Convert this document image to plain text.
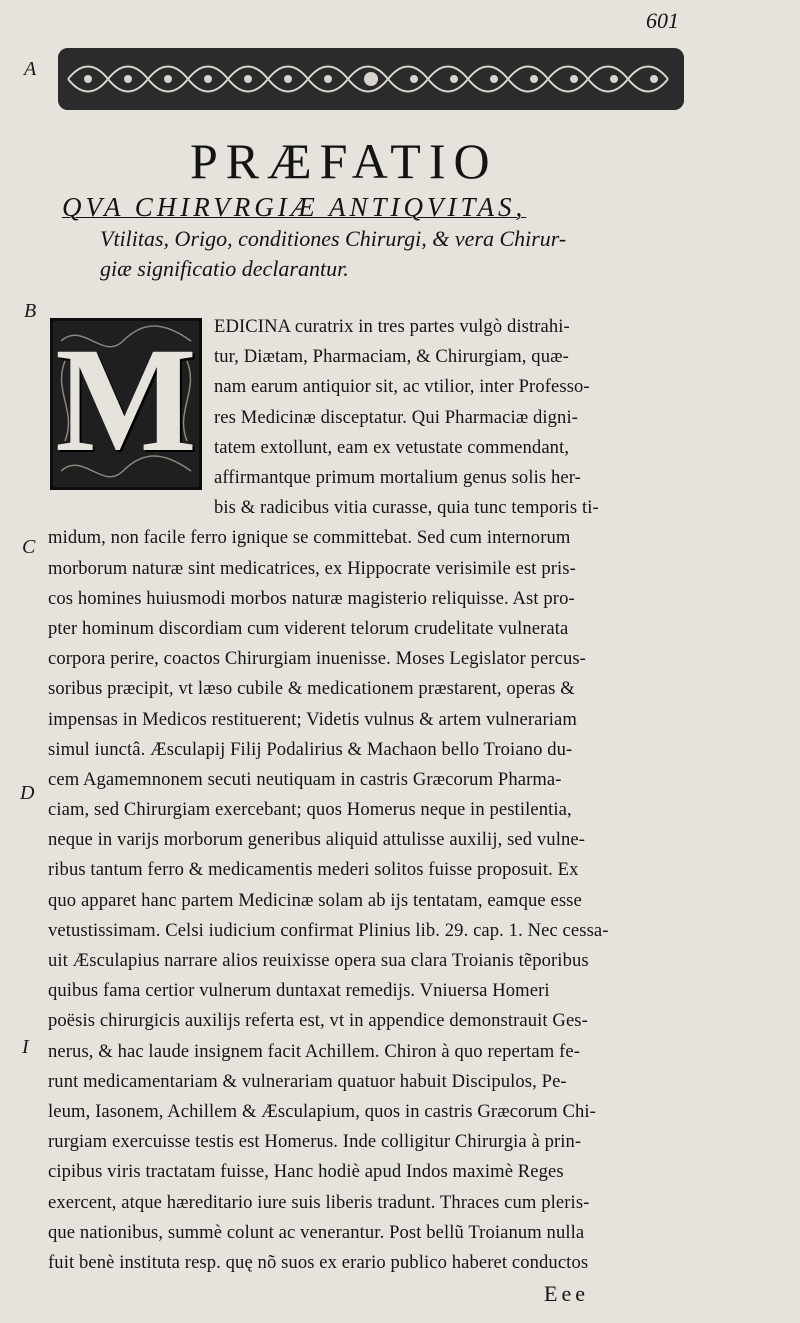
601

A
B
C
D
I
PRÆFATIO
QVA CHIRVRGIÆ ANTIQVITAS,
Vtilitas, Origo, conditiones Chirurgi, & vera Chirur-
giæ significatio declarantur.
M EDICINA curatrix in tres partes vulgò distrahi-
tur, Diætam, Pharmaciam, & Chirurgiam, quæ-
nam earum antiquior sit, ac vtilior, inter Professo-
res Medicinæ disceptatur. Qui Pharmaciæ digni-
tatem extollunt, eam ex vetustate commendant,
affirmantque primum mortalium genus solis her-
bis & radicibus vitia curasse, quia tunc temporis ti-
midum, non facile ferro ignique se committebat. Sed cum internorum
morborum naturæ sint medicatrices, ex Hippocrate verisimile est pris-
cos homines huiusmodi morbos naturæ magisterio reliquisse. Ast pro-
pter hominum discordiam cum viderent telorum crudelitate vulnerata
corpora perire, coactos Chirurgiam inuenisse. Moses Legislator percus-
soribus præcipit, vt læso cubile & medicationem præstarent, operas &
impensas in Medicos restituerent; Videtis vulnus & artem vulnerariam
simul iunctâ. Æsculapij Filij Podalirius & Machaon bello Troiano du-
cem Agamemnonem secuti neutiquam in castris Græcorum Pharma-
ciam, sed Chirurgiam exercebant; quos Homerus neque in pestilentia,
neque in varijs morborum generibus aliquid attulisse auxilij, sed vulne-
ribus tantum ferro & medicamentis mederi solitos fuisse proposuit. Ex
quo apparet hanc partem Medicinæ solam ab ijs tentatam, eamque esse
vetustissimam. Celsi iudicium confirmat Plinius lib. 29. cap. 1. Nec cessa-
uit Æsculapius narrare alios reuixisse opera sua clara Troianis tẽporibus
quibus fama certior vulnerum duntaxat remedijs. Vniuersa Homeri
poësis chirurgicis auxilijs referta est, vt in appendice demonstrauit Ges-
nerus, & hac laude insignem facit Achillem. Chiron à quo repertam fe-
runt medicamentariam & vulnerariam quatuor habuit Discipulos, Pe-
leum, Iasonem, Achillem & Æsculapium, quos in castris Græcorum Chi-
rurgiam exercuisse testis est Homerus. Inde colligitur Chirurgia à prin-
cipibus viris tractatam fuisse, Hanc hodiè apud Indos maximè Reges
exercent, atque hæreditario iure suis liberis tradunt. Thraces cum pleris-
que nationibus, summè colunt ac venerantur. Post bellũ Troianum nulla
fuit benè instituta resp. quę nõ suos ex erario publico haberet conductos
Eee
